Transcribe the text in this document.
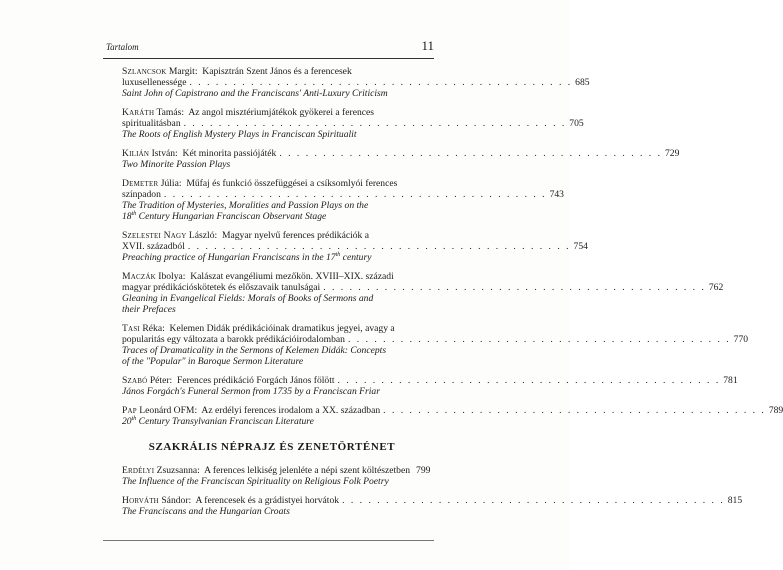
Tartalom	11
Szlancsok Margit: Kapisztrán Szent János és a ferencesek
luxusellenessége . . . . . . . . . . . . . . . . . . . . . . . . . . . . . . . . . . . . . . . . . . . . 685
Saint John of Capistrano and the Franciscans' Anti-Luxury Criticism
Karáth Tamás: Az angol misztériumjátékok gyökerei a ferences
spiritualitásban . . . . . . . . . . . . . . . . . . . . . . . . . . . . . . . . . . . . . . . . . . . . 705
The Roots of English Mystery Plays in Franciscan Spiritualit
Kilián István: Két minorita passiójáték . . . . . . . . . . . . . . . . . . . . . . . . . . . . . . . . . . . . . . . . . . . . 729
Two Minorite Passion Plays
Demeter Júlia: Műfaj és funkció összefüggései a csíksomlyói ferences
színpadon . . . . . . . . . . . . . . . . . . . . . . . . . . . . . . . . . . . . . . . . . . . . 743
The Tradition of Mysteries, Moralities and Passion Plays on the
18th Century Hungarian Franciscan Observant Stage
Szelestei Nagy László: Magyar nyelvű ferences prédikációk a
XVII. századból . . . . . . . . . . . . . . . . . . . . . . . . . . . . . . . . . . . . . . . . . . . . 754
Preaching practice of Hungarian Franciscans in the 17th century
Maczák Ibolya: Kalászat evangéliumi mezőkön. XVIII–XIX. századi
magyar prédikációskötetek és előszavaik tanulságai . . . . . . . . . . . . . . . . . . . . . . . . . . . . . . . . . . . . . . . . . . . . 762
Gleaning in Evangelical Fields: Morals of Books of Sermons and
their Prefaces
Tasi Réka: Kelemen Didák prédikációinak dramatikus jegyei, avagy a
popularitás egy változata a barokk prédikációirodalomban . . . . . . . . . . . . . . . . . . . . . . . . . . . . . . . . . . . . . . . . . . . . 770
Traces of Dramaticality in the Sermons of Kelemen Didák: Concepts
of the "Popular" in Baroque Sermon Literature
Szabó Péter: Ferences prédikáció Forgách János fölött . . . . . . . . . . . . . . . . . . . . . . . . . . . . . . . . . . . . . . . . . . . . 781
János Forgách's Funeral Sermon from 1735 by a Franciscan Friar
Pap Leonárd OFM: Az erdélyi ferences irodalom a XX. században . . . . . . . . . . . . . . . . . . . . . . . . . . . . . . . . . . . . . . . . . . . . 789
20th Century Transylvanian Franciscan Literature
SZAKRÁLIS NÉPRAJZ ÉS ZENETÖRTÉNET
Erdélyi Zsuzsanna: A ferences lelkiség jelenléte a népi szent költészetben 799
The Influence of the Franciscan Spirituality on Religious Folk Poetry
Horváth Sándor: A ferencesek és a grádistyei horvátok . . . . . . . . . . . . . . . . . . . . . . . . . . . . . . . . . . . . . . . . . . . . 815
The Franciscans and the Hungarian Croats
